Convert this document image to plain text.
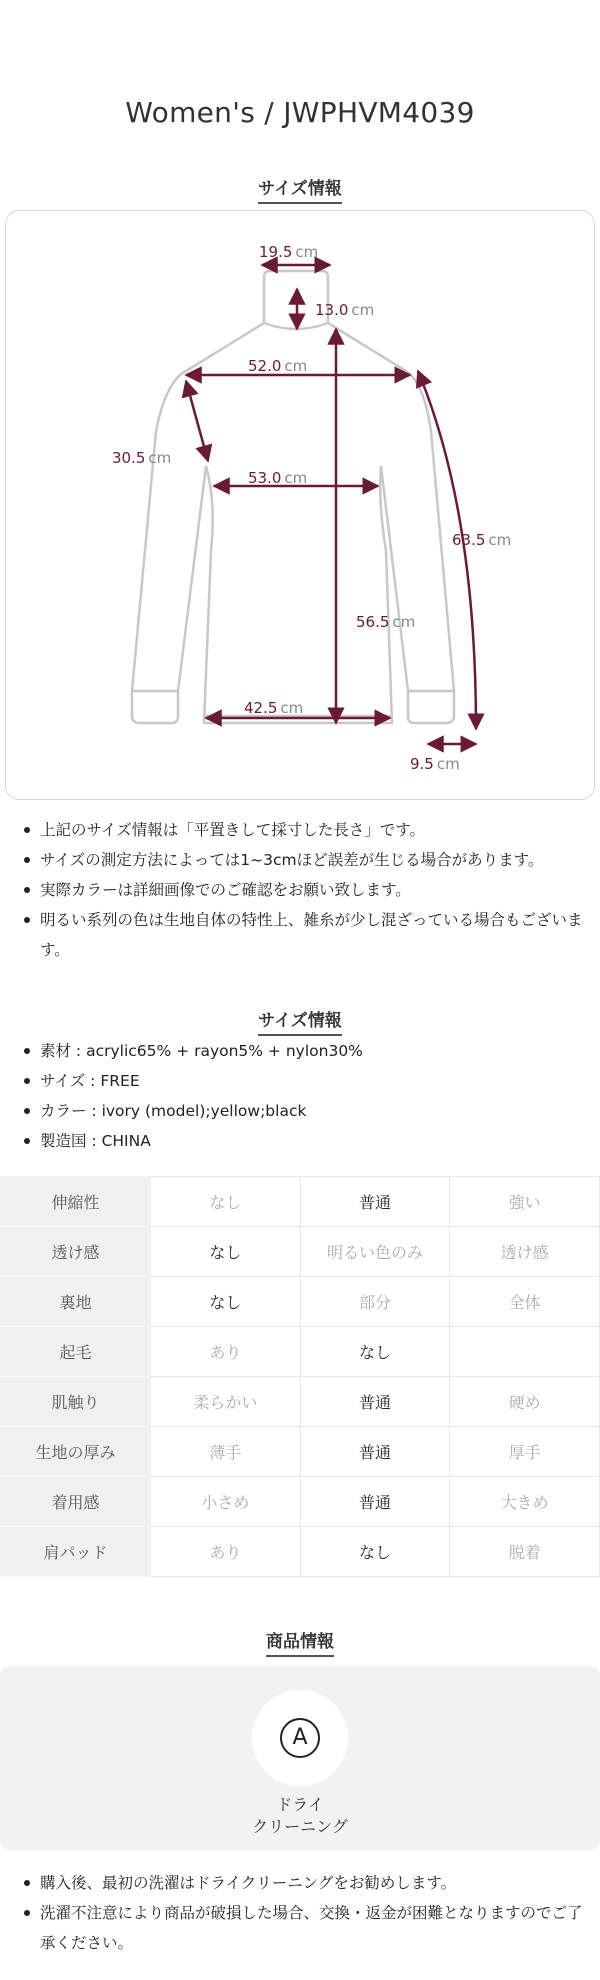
Women's / JWPHVM4039
サイズ情報
19.5 cm
13.0 cm
52.0 cm
30.5 cm
53.0 cm
63.5 cm
56.5 cm
42.5 cm
9.5 cm
上記のサイズ情報は「平置きして採寸した長さ」です。
サイズの測定方法によっては1~3cmほど誤差が生じる場合があります。
実際カラーは詳細画像でのご確認をお願い致します。
明るい系列の色は生地自体の特性上、雑糸が少し混ざっている場合もございます。
サイズ情報
素材 : acrylic65% + rayon5% + nylon30%
サイズ : FREE
カラー : ivory (model);yellow;black
製造国 : CHINA
伸縮性	なし	普通	強い
透け感	なし	明るい色のみ	透け感
裏地	なし	部分	全体
起毛	あり	なし	
肌触り	柔らかい	普通	硬め
生地の厚み	薄手	普通	厚手
着用感	小さめ	普通	大きめ
肩パッド	あり	なし	脱着
商品情報
A
ドライ
クリーニング
購入後、最初の洗濯はドライクリーニングをお勧めします。
洗濯不注意により商品が破損した場合、交換・返金が困難となりますのでご了承ください。
